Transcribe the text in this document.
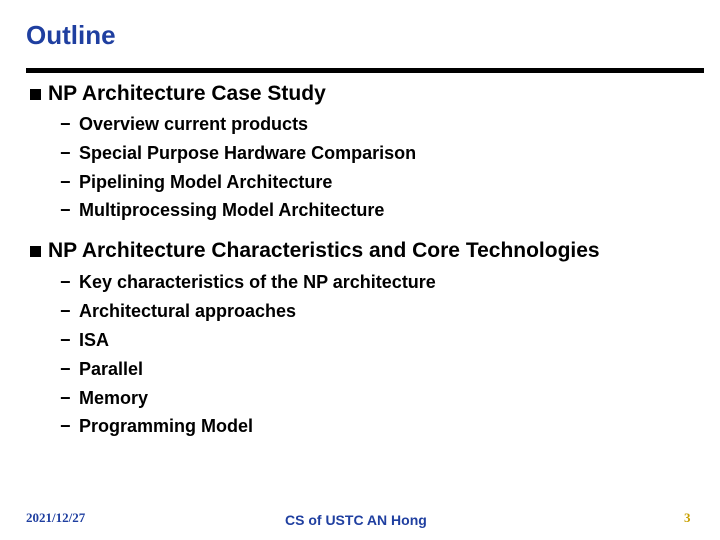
Outline
NP Architecture Case Study
− Overview current products
− Special Purpose Hardware Comparison
− Pipelining Model Architecture
− Multiprocessing Model Architecture
NP Architecture Characteristics and Core Technologies
− Key characteristics of the NP architecture
− Architectural approaches
− ISA
− Parallel
− Memory
− Programming Model
2021/12/27	CS of USTC AN Hong	3
